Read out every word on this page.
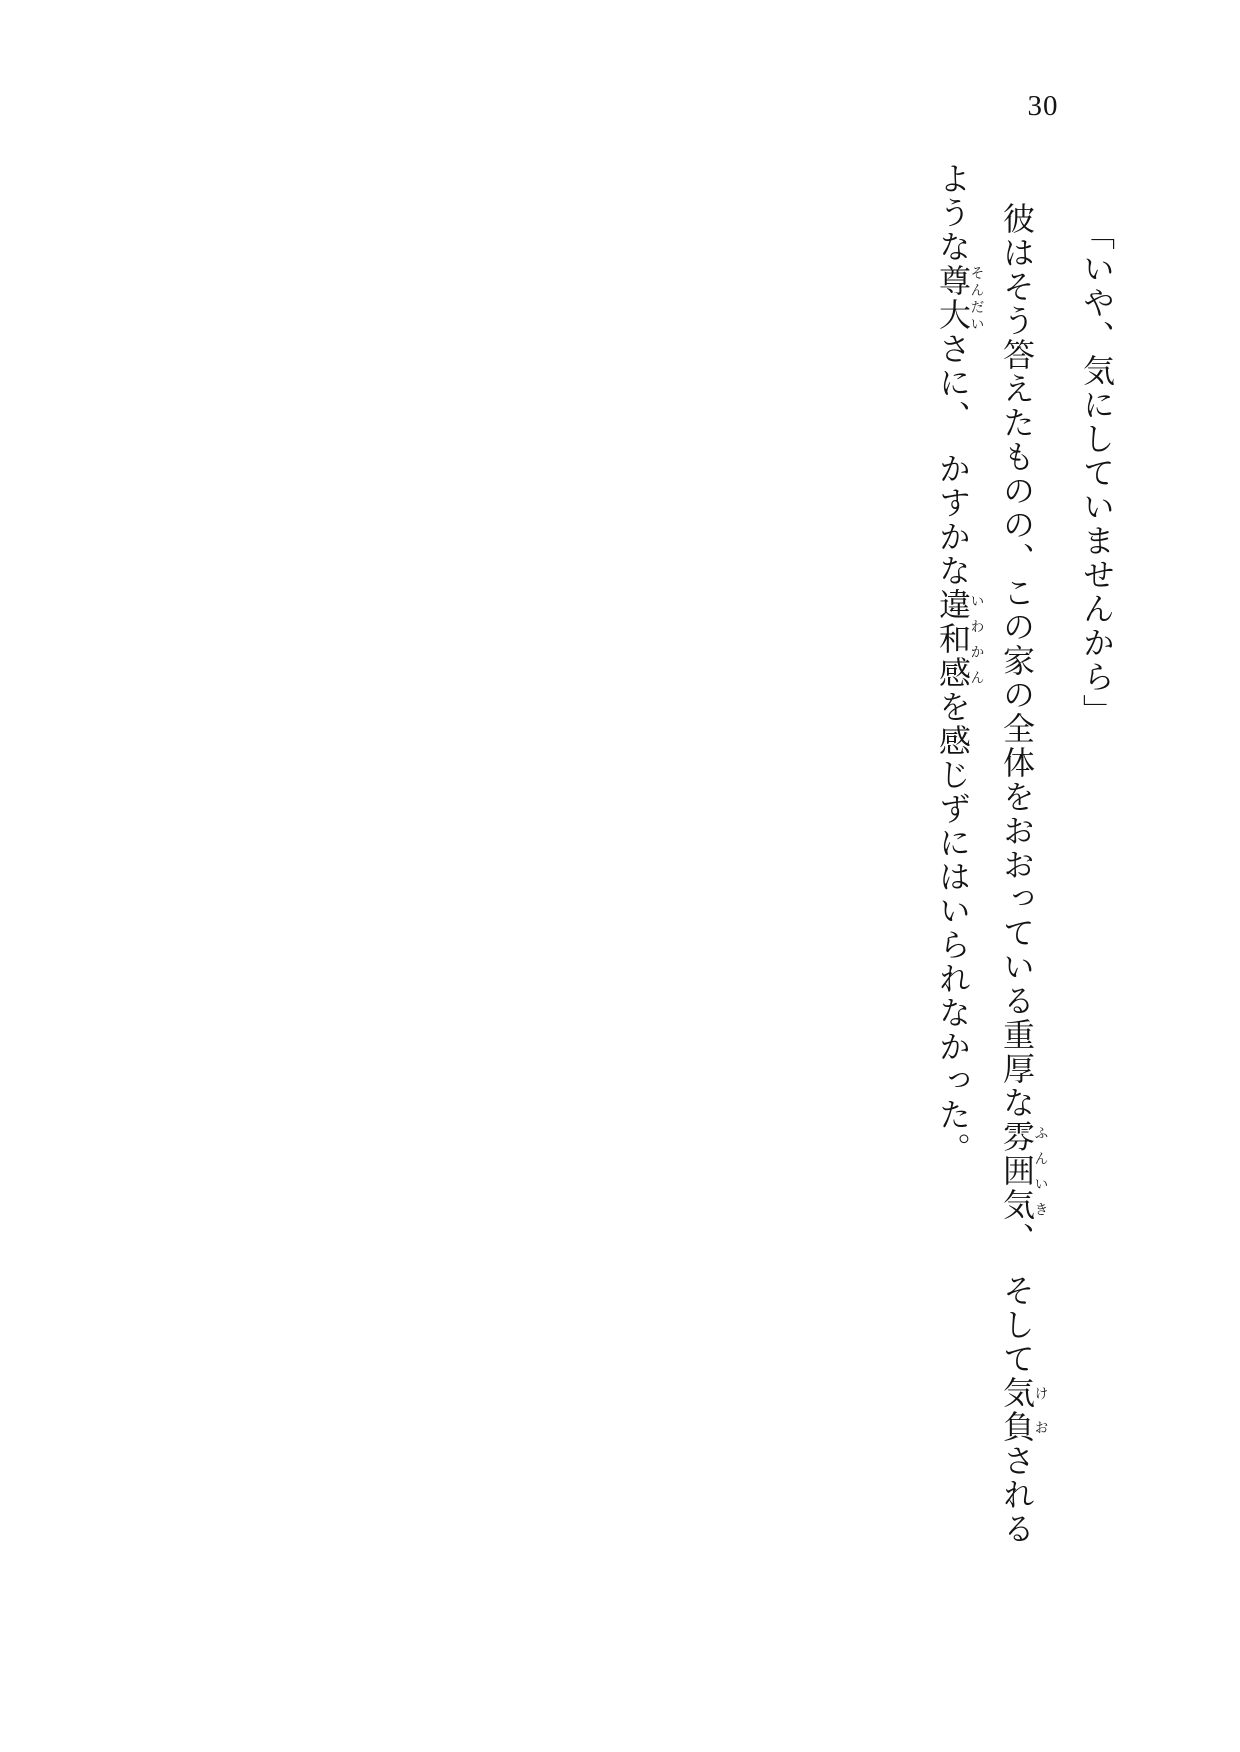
30
「いや、気にしていませんから」
彼はそう答えたものの、この家の全体をおおっている重厚な雰囲気ふんいき、　そして気負けおされる
ような尊大そんだいさに、　かすかな違和感いわかんを感じずにはいられなかった。
